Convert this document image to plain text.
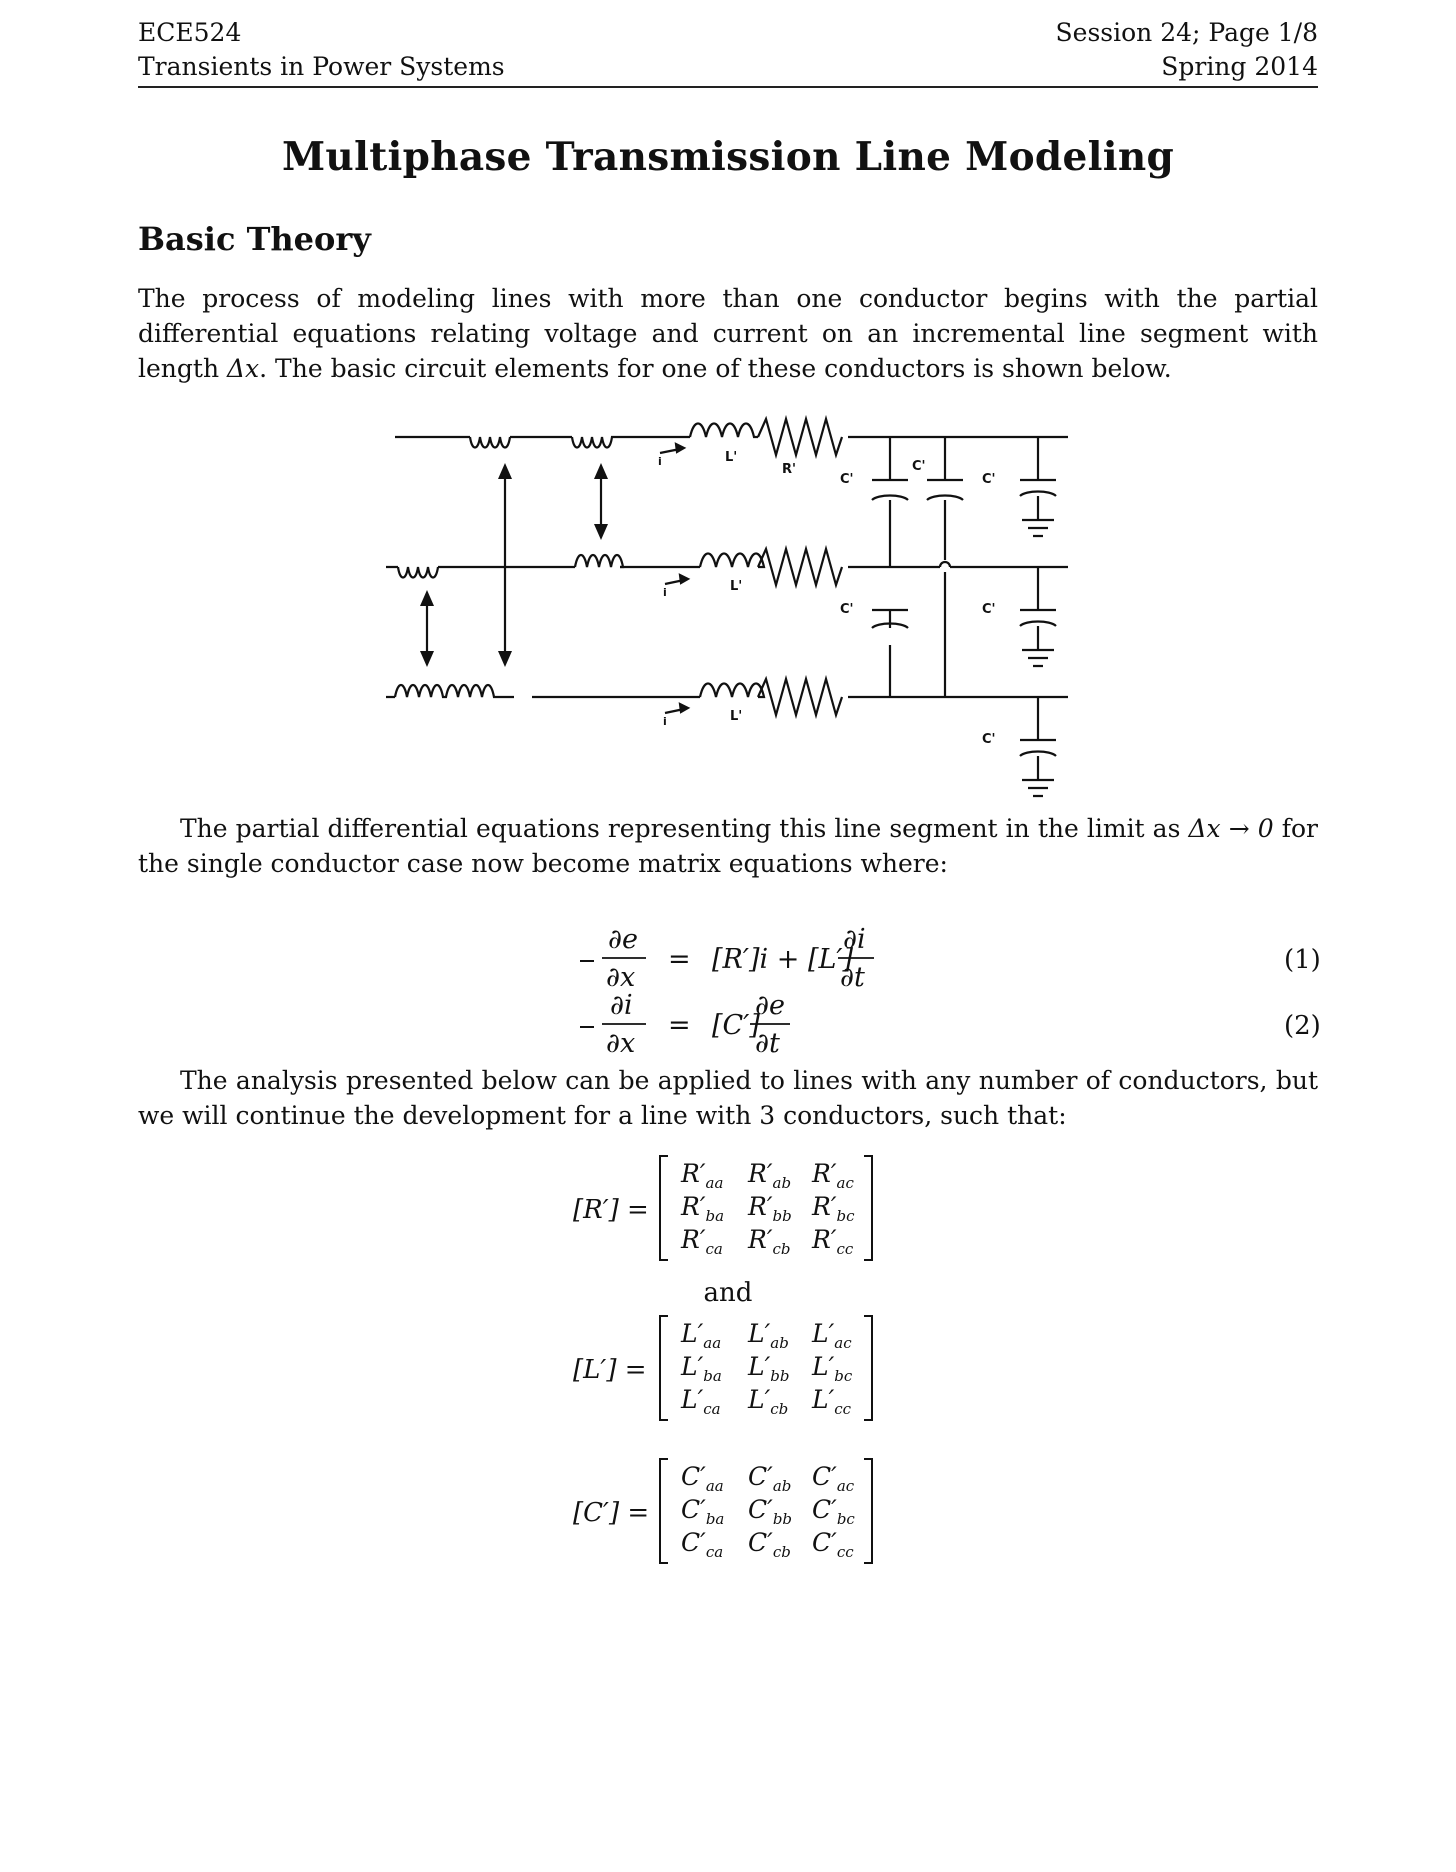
ECE524
Transients in Power Systems
Session 24; Page 1/8
Spring 2014
Multiphase Transmission Line Modeling
Basic Theory
The process of modeling lines with more than one conductor begins with the partial differential equations relating voltage and current on an incremental line segment with length Δx. The basic circuit elements for one of these conductors is shown below.
L'
R'
C'
C'
C'
L'
C'	C'
L'
C'
i
i
i
The partial differential equations representing this line segment in the limit as Δx → 0 for the single conductor case now become matrix equations where:
∂e
∂x
= [R′]i + [L′]
∂i
∂t
(1)
∂i
∂x
= [C′]
∂e
∂t
(2)
[R′] =
$R'_{aa}$ $R'_{ab}$ $R'_{ac}$
$R'_{ba}$ $R'_{bb}$ $R'_{bc}$
$R'_{ca}$ $R'_{cb}$ $R'_{cc}$
[L′] =
$L'_{aa}$ $L'_{ab}$ $L'_{ac}$
$L'_{ba}$ $L'_{bb}$ $L'_{bc}$
$L'_{ca}$ $L'_{cb}$ $L'_{cc}$
[C′] =
$C'_{aa}$ $C'_{ab}$ $C'_{ac}$
$C'_{ba}$ $C'_{bb}$ $C'_{bc}$
$C'_{ca}$ $C'_{cb}$ $C'_{cc}$
The analysis presented below can be applied to lines with any number of conductors, but we will continue the development for a line with 3 conductors, such that:
and
